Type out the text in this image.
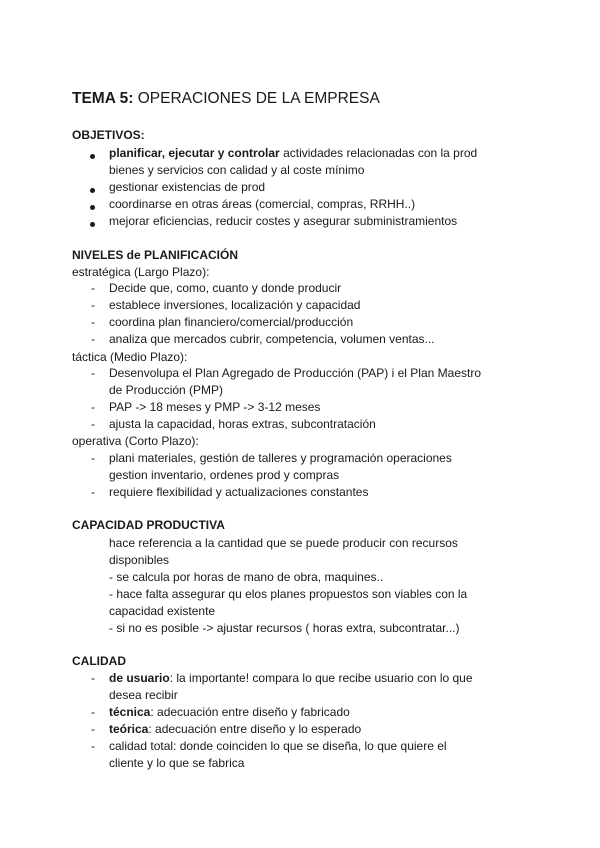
TEMA 5: OPERACIONES DE LA EMPRESA
OBJETIVOS:
planificar, ejecutar y controlar actividades relacionadas con la prod
bienes y servicios con calidad y al coste mínimo
gestionar existencias de prod
coordinarse en otras áreas (comercial, compras, RRHH..)
mejorar eficiencias, reducir costes y asegurar subministramientos
NIVELES de PLANIFICACIÓN
estratégica (Largo Plazo):
- Decide que, como, cuanto y donde producir
- establece inversiones, localización y capacidad
- coordina plan financiero/comercial/producción
- analiza que mercados cubrir, competencia, volumen ventas...
táctica (Medio Plazo):
- Desenvolupa el Plan Agregado de Producción (PAP) i el Plan Maestro
de Producción (PMP)
- PAP -> 18 meses y PMP -> 3-12 meses
- ajusta la capacidad, horas extras, subcontratación
operativa (Corto Plazo):
- plani materiales, gestión de talleres y programación operaciones
gestion inventario, ordenes prod y compras
- requiere flexibilidad y actualizaciones constantes
CAPACIDAD PRODUCTIVA
hace referencia a la cantidad que se puede producir con recursos
disponibles
- se calcula por horas de mano de obra, maquines..
- hace falta assegurar qu elos planes propuestos son viables con la
capacidad existente
- si no es posible -> ajustar recursos ( horas extra, subcontratar...)
CALIDAD
- de usuario: la importante! compara lo que recibe usuario con lo que
desea recibir
- técnica: adecuación entre diseño y fabricado
- teórica: adecuación entre diseño y lo esperado
- calidad total: donde coinciden lo que se diseña, lo que quiere el
cliente y lo que se fabrica
